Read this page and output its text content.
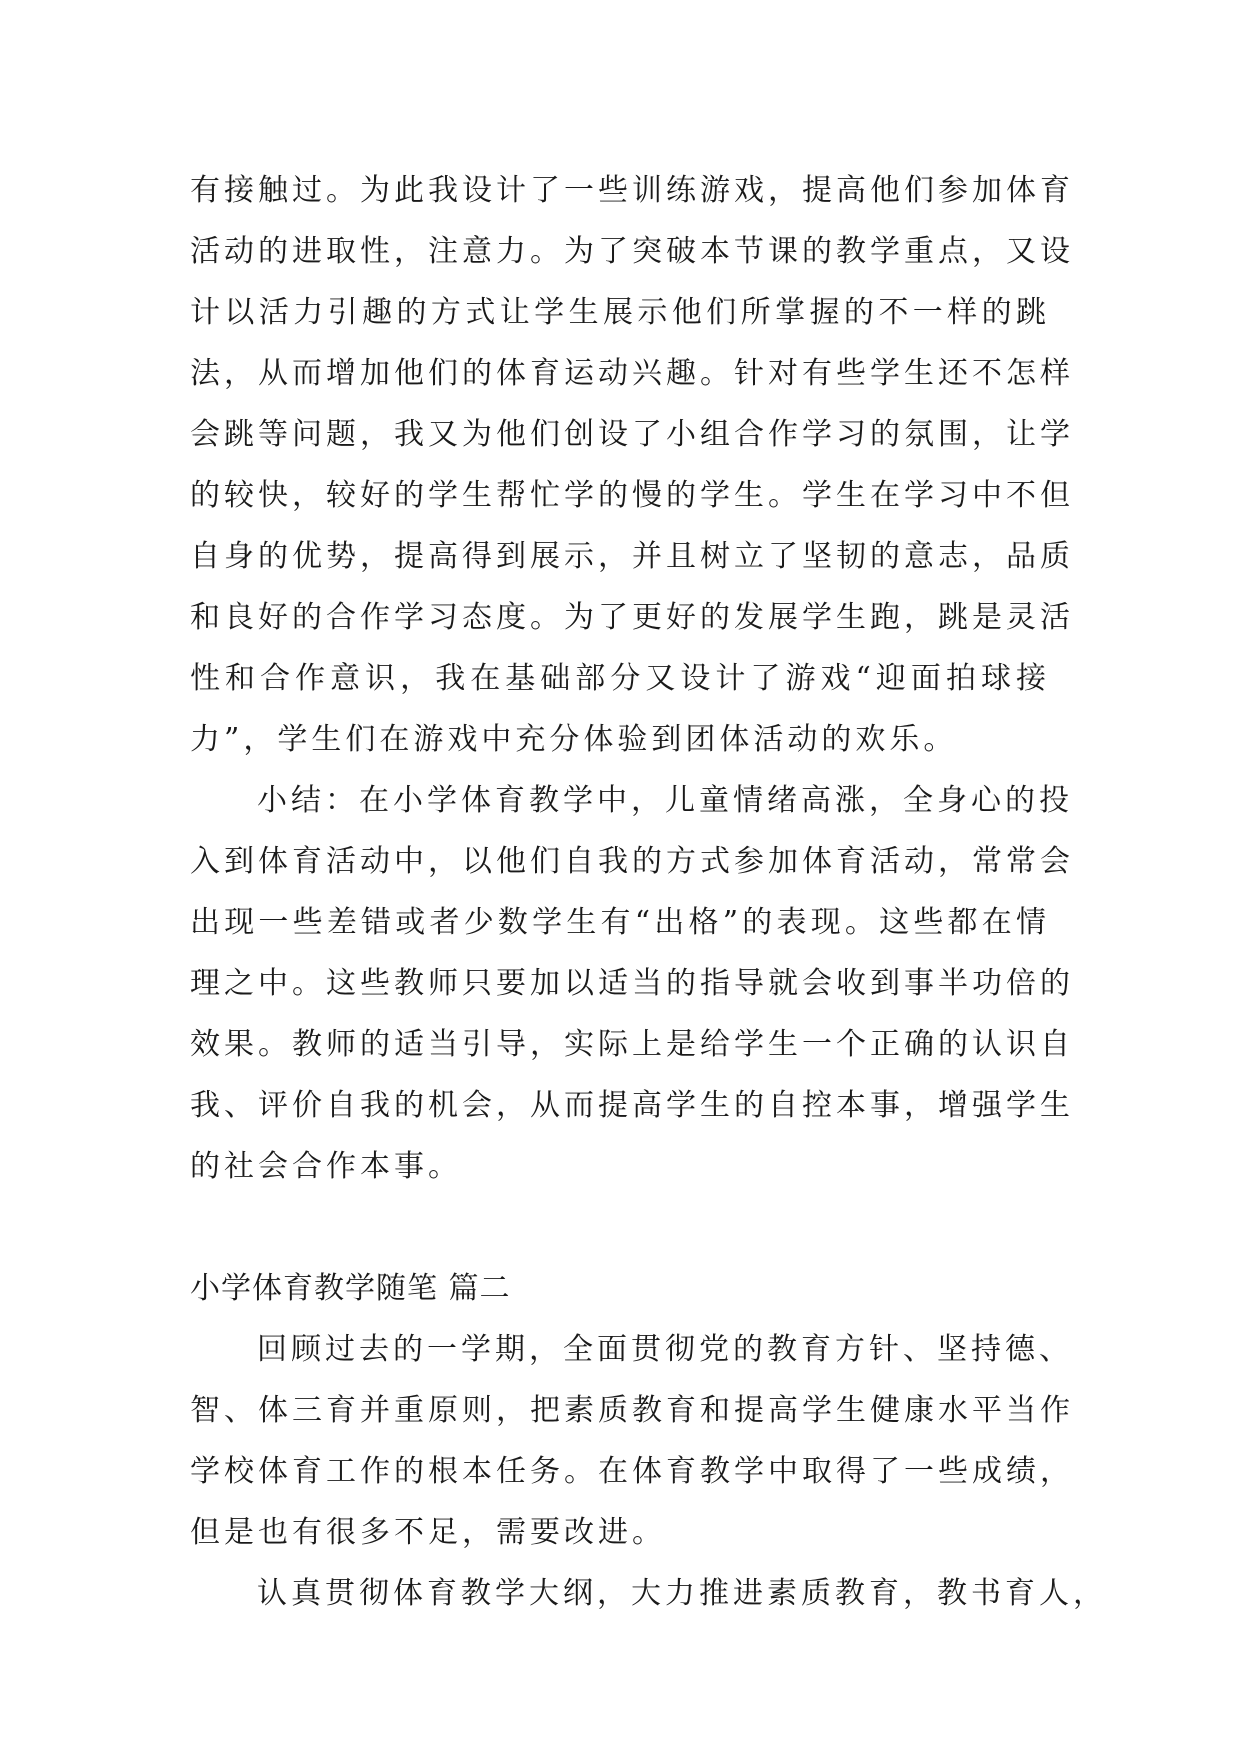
有接触过。为此我设计了一些训练游戏，提高他们参加体育
活动的进取性，注意力。为了突破本节课的教学重点，又设
计以活力引趣的方式让学生展示他们所掌握的不一样的跳
法，从而增加他们的体育运动兴趣。针对有些学生还不怎样
会跳等问题，我又为他们创设了小组合作学习的氛围，让学
的较快，较好的学生帮忙学的慢的学生。学生在学习中不但
自身的优势，提高得到展示，并且树立了坚韧的意志，品质
和良好的合作学习态度。为了更好的发展学生跑，跳是灵活
性和合作意识，我在基础部分又设计了游戏“迎面拍球接
力”，学生们在游戏中充分体验到团体活动的欢乐。
小结：在小学体育教学中，儿童情绪高涨，全身心的投
入到体育活动中，以他们自我的方式参加体育活动，常常会
出现一些差错或者少数学生有“出格”的表现。这些都在情
理之中。这些教师只要加以适当的指导就会收到事半功倍的
效果。教师的适当引导，实际上是给学生一个正确的认识自
我、评价自我的机会，从而提高学生的自控本事，增强学生
的社会合作本事。
小学体育教学随笔 篇二
回顾过去的一学期，全面贯彻党的教育方针、坚持德、
智、体三育并重原则，把素质教育和提高学生健康水平当作
学校体育工作的根本任务。在体育教学中取得了一些成绩，
但是也有很多不足，需要改进。
认真贯彻体育教学大纲，大力推进素质教育，教书育人，
